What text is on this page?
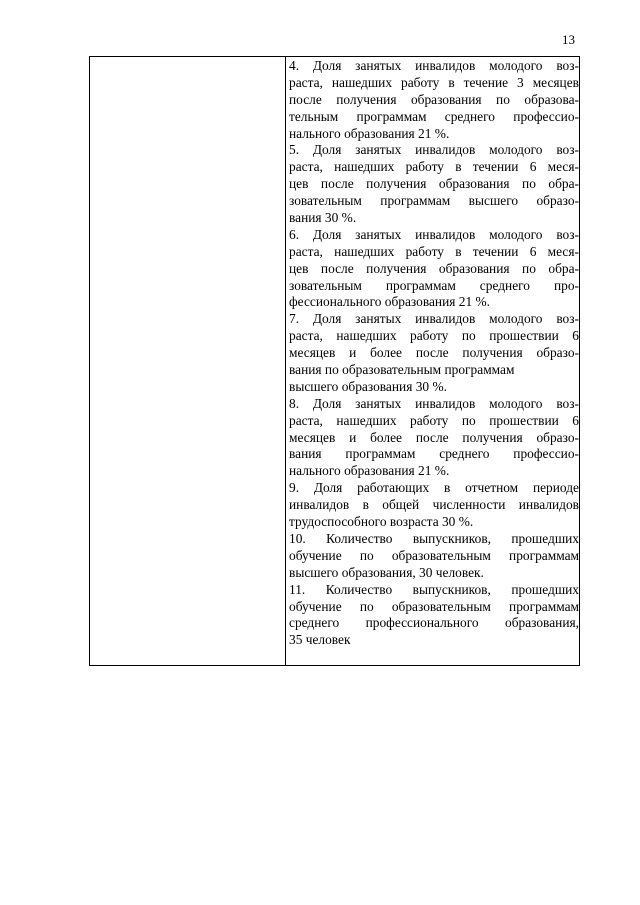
13
4. Доля занятых инвалидов молодого воз-
раста, нашедших работу в течение 3 месяцев
после получения образования по образова-
тельным программам среднего профессио-
нального образования 21 %.
5. Доля занятых инвалидов молодого воз-
раста, нашедших работу в течении 6 меся-
цев после получения образования по обра-
зовательным программам высшего образо-
вания 30 %.
6. Доля занятых инвалидов молодого воз-
раста, нашедших работу в течении 6 меся-
цев после получения образования по обра-
зовательным программам среднего про-
фессионального образования 21 %.
7. Доля занятых инвалидов молодого воз-
раста, нашедших работу по прошествии 6
месяцев и более после получения образо-
вания по образовательным программам
высшего образования 30 %.
8. Доля занятых инвалидов молодого воз-
раста, нашедших работу по прошествии 6
месяцев и более после получения образо-
вания программам среднего профессио-
нального образования 21 %.
9. Доля работающих в отчетном периоде
инвалидов в общей численности инвалидов
трудоспособного возраста 30 %.
10. Количество выпускников, прошедших
обучение по образовательным программам
высшего образования, 30 человек.
11. Количество выпускников, прошедших
обучение по образовательным программам
среднего профессионального образования,
35 человек
